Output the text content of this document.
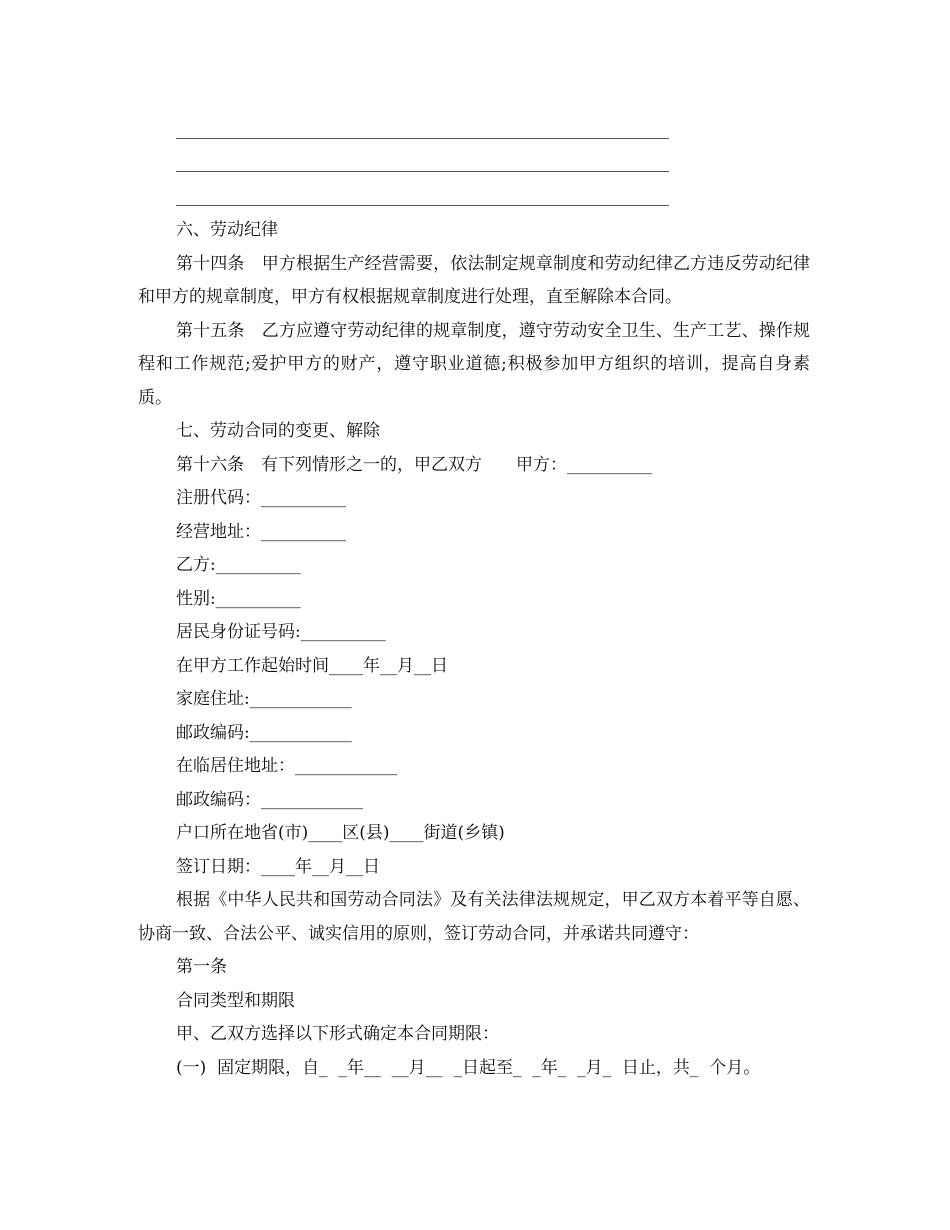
六、劳动纪律

第十四条　甲方根据生产经营需要，依法制定规章制度和劳动纪律乙方违反劳动纪律和甲方的规章制度，甲方有权根据规章制度进行处理，直至解除本合同。

第十五条　乙方应遵守劳动纪律的规章制度，遵守劳动安全卫生、生产工艺、操作规程和工作规范;爱护甲方的财产，遵守职业道德;积极参加甲方组织的培训，提高自身素质。

七、劳动合同的变更、解除

第十六条　有下列情形之一的，甲乙双方　　甲方：__________

注册代码：__________

经营地址：__________

乙方:__________

性别:__________

居民身份证号码:__________

在甲方工作起始时间____年__月__日

家庭住址:____________

邮政编码:____________

在临居住地址：____________

邮政编码：____________

户口所在地省(市)____区(县)____街道(乡镇)

签订日期：____年__月__日

根据《中华人民共和国劳动合同法》及有关法律法规规定，甲乙双方本着平等自愿、协商一致、合法公平、诚实信用的原则，签订劳动合同，并承诺共同遵守：

第一条

合同类型和期限

甲、乙双方选择以下形式确定本合同期限：

(一)  固定期限，自_  _年__  __月__  _日起至_  _年_  _月_  日止，共_  个月。
